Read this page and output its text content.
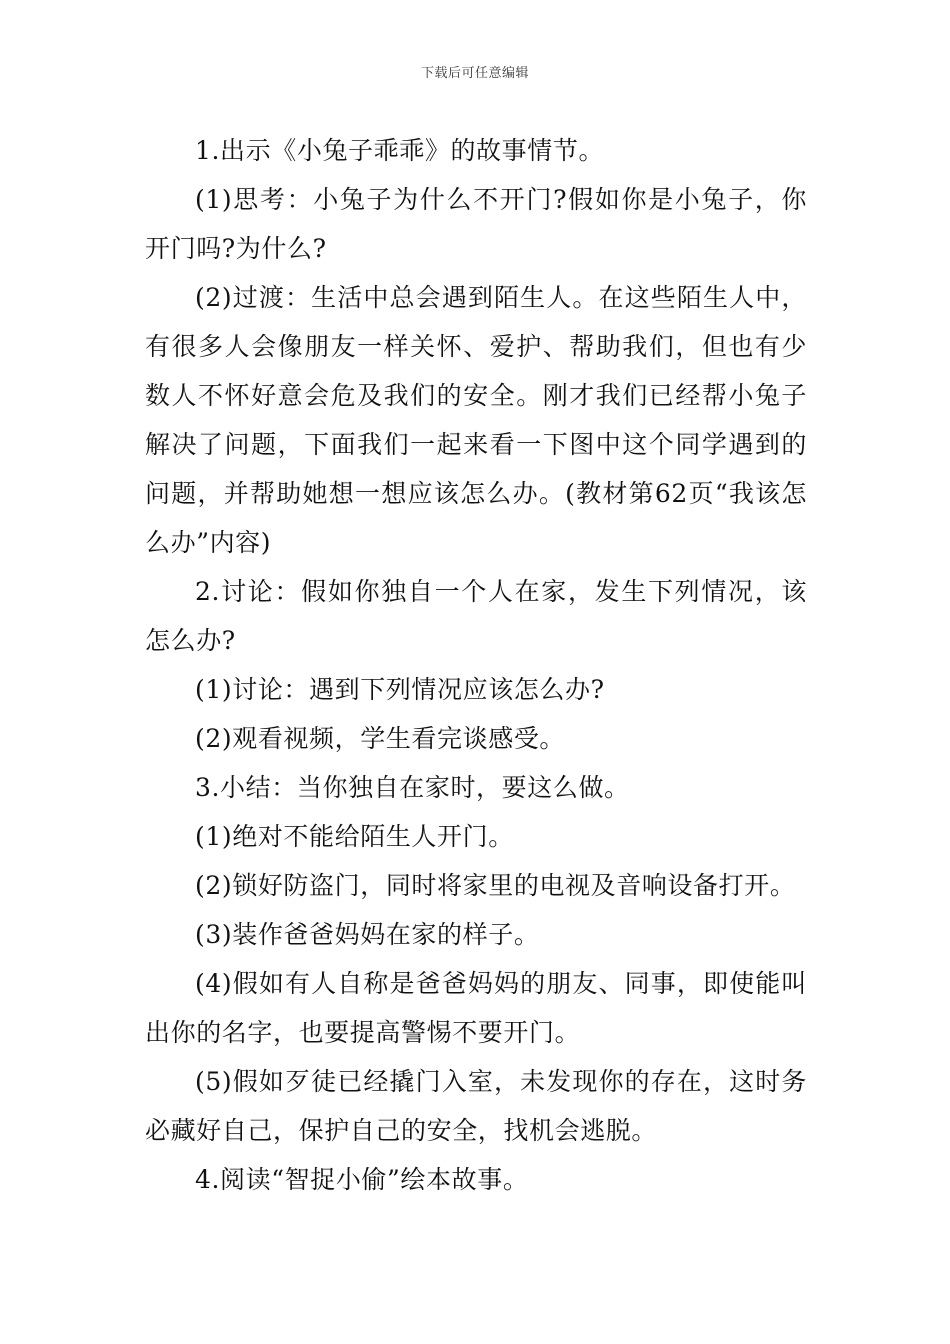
下载后可任意编辑

1.出示《小兔子乖乖》的故事情节。

(1)思考：小兔子为什么不开门?假如你是小兔子，你开门吗?为什么?

(2)过渡：生活中总会遇到陌生人。在这些陌生人中，有很多人会像朋友一样关怀、爱护、帮助我们，但也有少数人不怀好意会危及我们的安全。刚才我们已经帮小兔子解决了问题，下面我们一起来看一下图中这个同学遇到的问题，并帮助她想一想应该怎么办。(教材第62页“我该怎么办”内容)

2.讨论：假如你独自一个人在家，发生下列情况，该怎么办?

(1)讨论：遇到下列情况应该怎么办?

(2)观看视频，学生看完谈感受。

3.小结：当你独自在家时，要这么做。

(1)绝对不能给陌生人开门。

(2)锁好防盗门，同时将家里的电视及音响设备打开。

(3)装作爸爸妈妈在家的样子。

(4)假如有人自称是爸爸妈妈的朋友、同事，即使能叫出你的名字，也要提高警惕不要开门。

(5)假如歹徒已经撬门入室，未发现你的存在，这时务必藏好自己，保护自己的安全，找机会逃脱。

4.阅读“智捉小偷”绘本故事。
